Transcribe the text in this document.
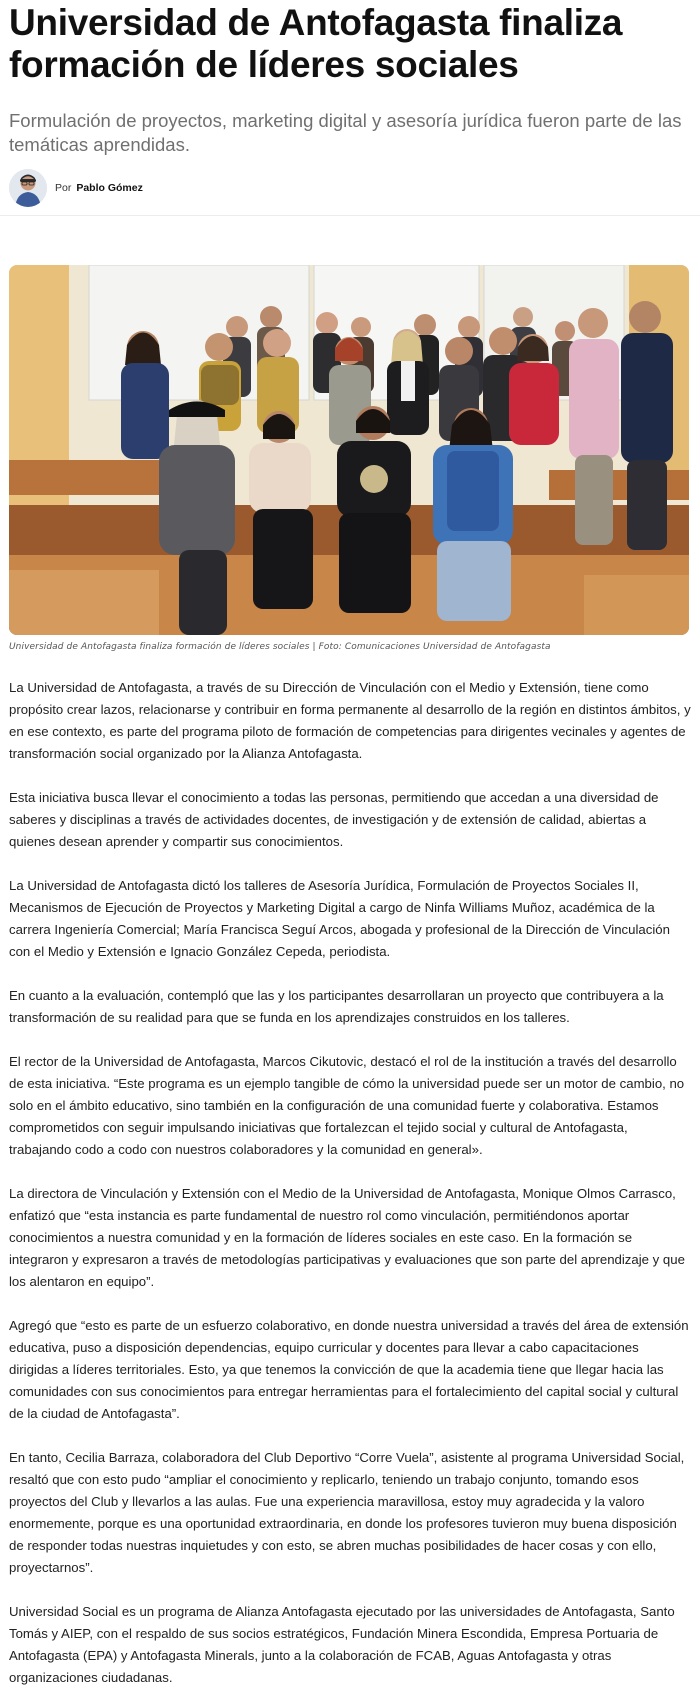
Universidad de Antofagasta finaliza formación de líderes sociales

Formulación de proyectos, marketing digital y asesoría jurídica fueron parte de las temáticas aprendidas.

Por Pablo Gómez
Universidad de Antofagasta finaliza formación de líderes sociales | Foto: Comunicaciones Universidad de Antofagasta

La Universidad de Antofagasta, a través de su Dirección de Vinculación con el Medio y Extensión, tiene como propósito crear lazos, relacionarse y contribuir en forma permanente al desarrollo de la región en distintos ámbitos, y en ese contexto, es parte del programa piloto de formación de competencias para dirigentes vecinales y agentes de transformación social organizado por la Alianza Antofagasta.

Esta iniciativa busca llevar el conocimiento a todas las personas, permitiendo que accedan a una diversidad de saberes y disciplinas a través de actividades docentes, de investigación y de extensión de calidad, abiertas a quienes desean aprender y compartir sus conocimientos.

La Universidad de Antofagasta dictó los talleres de Asesoría Jurídica, Formulación de Proyectos Sociales II, Mecanismos de Ejecución de Proyectos y Marketing Digital a cargo de Ninfa Williams Muñoz, académica de la carrera Ingeniería Comercial; María Francisca Seguí Arcos, abogada y profesional de la Dirección de Vinculación con el Medio y Extensión e Ignacio González Cepeda, periodista.

En cuanto a la evaluación, contempló que las y los participantes desarrollaran un proyecto que contribuyera a la transformación de su realidad para que se funda en los aprendizajes construidos en los talleres.

El rector de la Universidad de Antofagasta, Marcos Cikutovic, destacó el rol de la institución a través del desarrollo de esta iniciativa. “Este programa es un ejemplo tangible de cómo la universidad puede ser un motor de cambio, no solo en el ámbito educativo, sino también en la configuración de una comunidad fuerte y colaborativa. Estamos comprometidos con seguir impulsando iniciativas que fortalezcan el tejido social y cultural de Antofagasta, trabajando codo a codo con nuestros colaboradores y la comunidad en general».

La directora de Vinculación y Extensión con el Medio de la Universidad de Antofagasta, Monique Olmos Carrasco, enfatizó que “esta instancia es parte fundamental de nuestro rol como vinculación, permitiéndonos aportar conocimientos a nuestra comunidad y en la formación de líderes sociales en este caso. En la formación se integraron y expresaron a través de metodologías participativas y evaluaciones que son parte del aprendizaje y que los alentaron en equipo”.

Agregó que “esto es parte de un esfuerzo colaborativo, en donde nuestra universidad a través del área de extensión educativa, puso a disposición dependencias, equipo curricular y docentes para llevar a cabo capacitaciones dirigidas a líderes territoriales. Esto, ya que tenemos la convicción de que la academia tiene que llegar hacia las comunidades con sus conocimientos para entregar herramientas para el fortalecimiento del capital social y cultural de la ciudad de Antofagasta”.

En tanto, Cecilia Barraza, colaboradora del Club Deportivo “Corre Vuela”, asistente al programa Universidad Social, resaltó que con esto pudo “ampliar el conocimiento y replicarlo, teniendo un trabajo conjunto, tomando esos proyectos del Club y llevarlos a las aulas. Fue una experiencia maravillosa, estoy muy agradecida y la valoro enormemente, porque es una oportunidad extraordinaria, en donde los profesores tuvieron muy buena disposición de responder todas nuestras inquietudes y con esto, se abren muchas posibilidades de hacer cosas y con ello, proyectarnos”.

Universidad Social es un programa de Alianza Antofagasta ejecutado por las universidades de Antofagasta, Santo Tomás y AIEP, con el respaldo de sus socios estratégicos, Fundación Minera Escondida, Empresa Portuaria de Antofagasta (EPA) y Antofagasta Minerals, junto a la colaboración de FCAB, Aguas Antofagasta y otras organizaciones ciudadanas.
